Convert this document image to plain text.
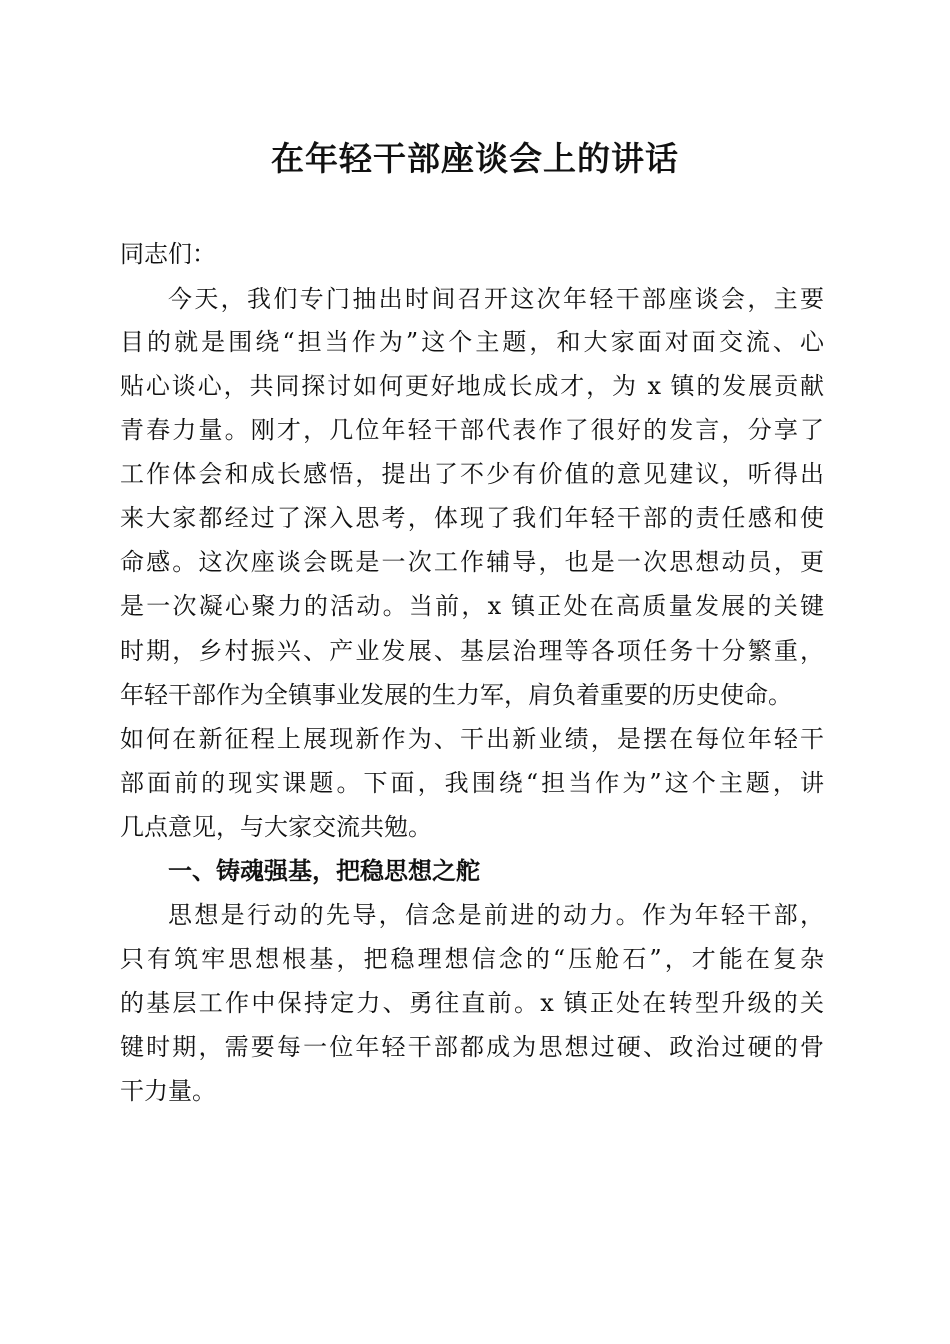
在年轻干部座谈会上的讲话

同志们：

今天，我们专门抽出时间召开这次年轻干部座谈会，主要

目的就是围绕“担当作为”这个主题，和大家面对面交流、心

贴心谈心，共同探讨如何更好地成长成才，为 x 镇的发展贡献

青春力量。刚才，几位年轻干部代表作了很好的发言，分享了

工作体会和成长感悟，提出了不少有价值的意见建议，听得出

来大家都经过了深入思考，体现了我们年轻干部的责任感和使

命感。这次座谈会既是一次工作辅导，也是一次思想动员，更

是一次凝心聚力的活动。当前，x 镇正处在高质量发展的关键

时期，乡村振兴、产业发展、基层治理等各项任务十分繁重，

年轻干部作为全镇事业发展的生力军，肩负着重要的历史使命。

如何在新征程上展现新作为、干出新业绩，是摆在每位年轻干

部面前的现实课题。下面，我围绕“担当作为”这个主题，讲

几点意见，与大家交流共勉。

一、铸魂强基，把稳思想之舵

思想是行动的先导，信念是前进的动力。作为年轻干部，

只有筑牢思想根基，把稳理想信念的“压舱石”，才能在复杂

的基层工作中保持定力、勇往直前。x 镇正处在转型升级的关

键时期，需要每一位年轻干部都成为思想过硬、政治过硬的骨

干力量。
